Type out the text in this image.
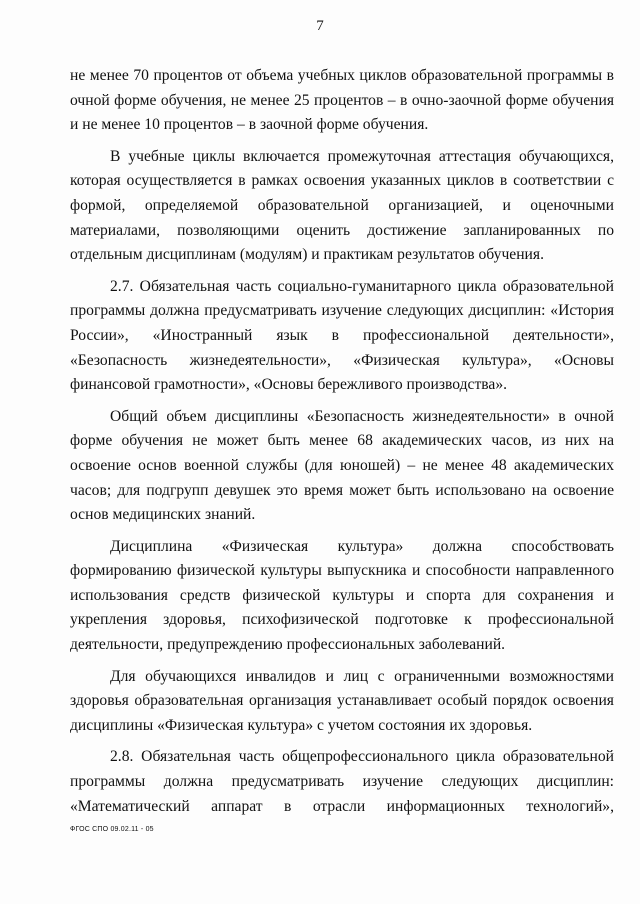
7

не менее 70 процентов от объема учебных циклов образовательной программы в очной форме обучения, не менее 25 процентов – в очно-заочной форме обучения и не менее 10 процентов – в заочной форме обучения.

В учебные циклы включается промежуточная аттестация обучающихся, которая осуществляется в рамках освоения указанных циклов в соответствии с формой, определяемой образовательной организацией, и оценочными материалами, позволяющими оценить достижение запланированных по отдельным дисциплинам (модулям) и практикам результатов обучения.

2.7. Обязательная часть социально-гуманитарного цикла образовательной программы должна предусматривать изучение следующих дисциплин: «История России», «Иностранный язык в профессиональной деятельности», «Безопасность жизнедеятельности», «Физическая культура», «Основы финансовой грамотности», «Основы бережливого производства».

Общий объем дисциплины «Безопасность жизнедеятельности» в очной форме обучения не может быть менее 68 академических часов, из них на освоение основ военной службы (для юношей) – не менее 48 академических часов; для подгрупп девушек это время может быть использовано на освоение основ медицинских знаний.

Дисциплина «Физическая культура» должна способствовать формированию физической культуры выпускника и способности направленного использования средств физической культуры и спорта для сохранения и укрепления здоровья, психофизической подготовке к профессиональной деятельности, предупреждению профессиональных заболеваний.

Для обучающихся инвалидов и лиц с ограниченными возможностями здоровья образовательная организация устанавливает особый порядок освоения дисциплины «Физическая культура» с учетом состояния их здоровья.

2.8. Обязательная часть общепрофессионального цикла образовательной программы должна предусматривать изучение следующих дисциплин: «Математический аппарат в отрасли информационных технологий»,

ФГОС СПО 09.02.11 - 05
